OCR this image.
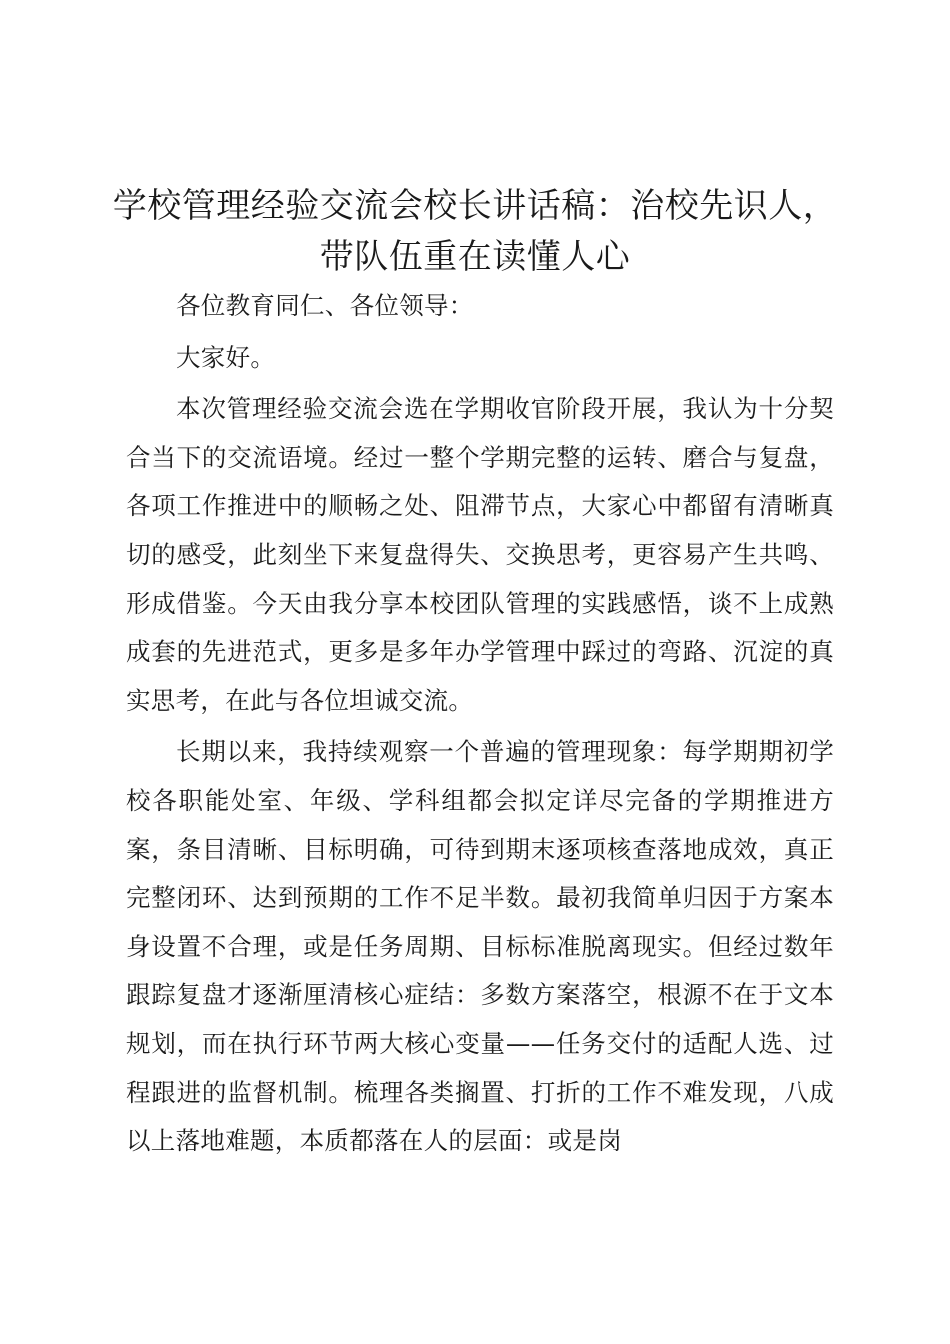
学校管理经验交流会校长讲话稿：治校先识人，
带队伍重在读懂人心

各位教育同仁、各位领导：

大家好。

本次管理经验交流会选在学期收官阶段开展，我认为十分契合当下的交流语境。经过一整个学期完整的运转、磨合与复盘，各项工作推进中的顺畅之处、阻滞节点，大家心中都留有清晰真切的感受，此刻坐下来复盘得失、交换思考，更容易产生共鸣、形成借鉴。今天由我分享本校团队管理的实践感悟，谈不上成熟成套的先进范式，更多是多年办学管理中踩过的弯路、沉淀的真实思考，在此与各位坦诚交流。

长期以来，我持续观察一个普遍的管理现象：每学期期初学校各职能处室、年级、学科组都会拟定详尽完备的学期推进方案，条目清晰、目标明确，可待到期末逐项核查落地成效，真正完整闭环、达到预期的工作不足半数。最初我简单归因于方案本身设置不合理，或是任务周期、目标标准脱离现实。但经过数年跟踪复盘才逐渐厘清核心症结：多数方案落空，根源不在于文本规划，而在执行环节两大核心变量——任务交付的适配人选、过程跟进的监督机制。梳理各类搁置、打折的工作不难发现，八成以上落地难题，本质都落在人的层面：或是岗
